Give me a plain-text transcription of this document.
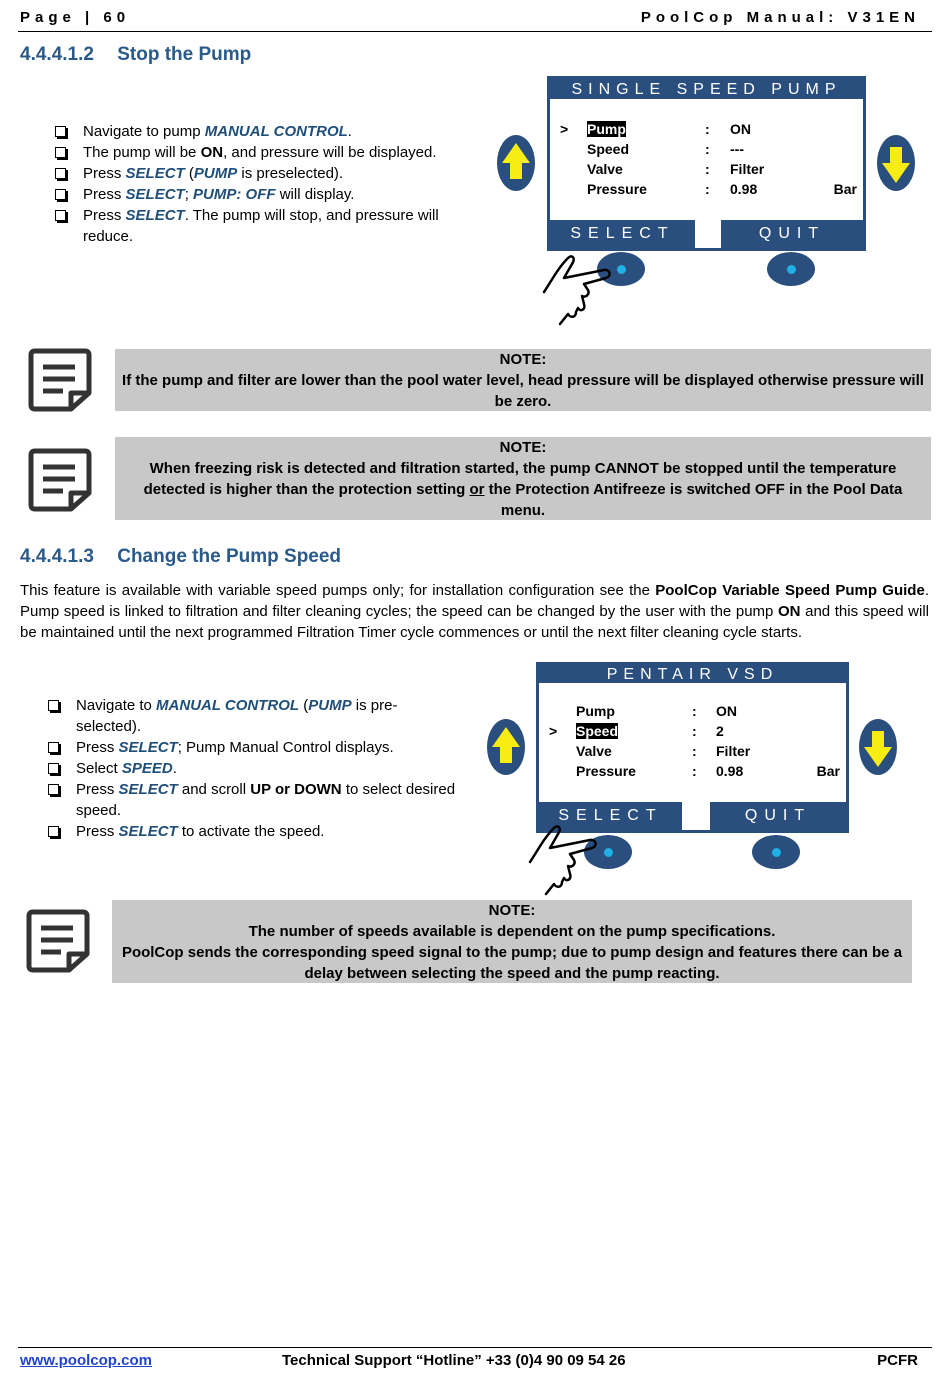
Page | 60	PoolCop Manual: V31EN
4.4.4.1.2 Stop the Pump
Navigate to pump MANUAL CONTROL.
The pump will be ON, and pressure will be displayed.
Press SELECT (PUMP is preselected).
Press SELECT; PUMP: OFF will display.
Press SELECT. The pump will stop, and pressure will reduce.
SINGLE SPEED PUMP
> Pump	: ON
Speed	: ---
Valve	: Filter
Pressure	: 0.98	Bar
SELECT	QUIT
NOTE:
If the pump and filter are lower than the pool water level, head pressure will be displayed otherwise pressure will be zero.
NOTE:
When freezing risk is detected and filtration started, the pump CANNOT be stopped until the temperature detected is higher than the protection setting or the Protection Antifreeze is switched OFF in the Pool Data menu.
4.4.4.1.3 Change the Pump Speed
This feature is available with variable speed pumps only; for installation configuration see the PoolCop Variable Speed Pump Guide. Pump speed is linked to filtration and filter cleaning cycles; the speed can be changed by the user with the pump ON and this speed will be maintained until the next programmed Filtration Timer cycle commences or until the next filter cleaning cycle starts.
Navigate to MANUAL CONTROL (PUMP is pre-selected).
Press SELECT; Pump Manual Control displays.
Select SPEED.
Press SELECT and scroll UP or DOWN to select desired speed.
Press SELECT to activate the speed.
PENTAIR VSD
Pump	: ON
> Speed	: 2
Valve	: Filter
Pressure	: 0.98	Bar
SELECT	QUIT
NOTE:
The number of speeds available is dependent on the pump specifications.
PoolCop sends the corresponding speed signal to the pump; due to pump design and features there can be a delay between selecting the speed and the pump reacting.
www.poolcop.com	Technical Support “Hotline” +33 (0)4 90 09 54 26	PCFR
